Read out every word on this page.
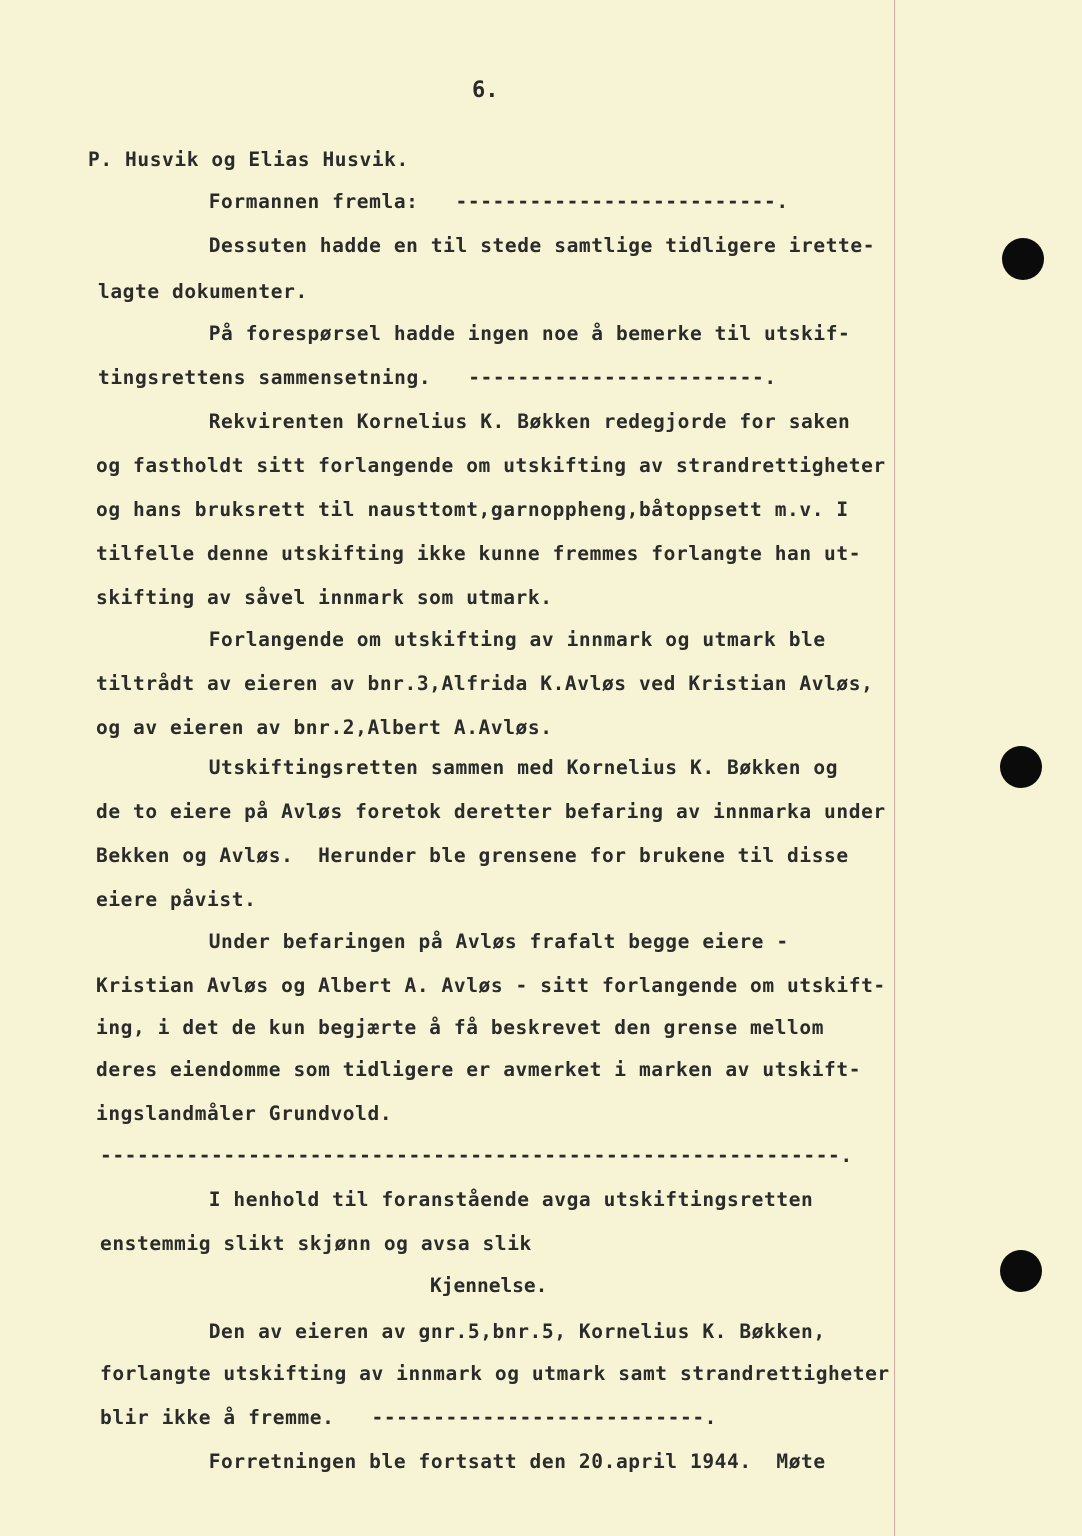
6.
P. Husvik og Elias Husvik.
Formannen fremla:   --------------------------.
Dessuten hadde en til stede samtlige tidligere irette-
lagte dokumenter.
På forespørsel hadde ingen noe å bemerke til utskif-
tingsrettens sammensetning.   ------------------------.
Rekvirenten Kornelius K. Bøkken redegjorde for saken
og fastholdt sitt forlangende om utskifting av strandrettigheter
og hans bruksrett til nausttomt,garnoppheng,båtoppsett m.v. I
tilfelle denne utskifting ikke kunne fremmes forlangte han ut-
skifting av såvel innmark som utmark.
Forlangende om utskifting av innmark og utmark ble
tiltrådt av eieren av bnr.3,Alfrida K.Avløs ved Kristian Avløs,
og av eieren av bnr.2,Albert A.Avløs.
Utskiftingsretten sammen med Kornelius K. Bøkken og
de to eiere på Avløs foretok deretter befaring av innmarka under
Bekken og Avløs.  Herunder ble grensene for brukene til disse
eiere påvist.
Under befaringen på Avløs frafalt begge eiere -
Kristian Avløs og Albert A. Avløs - sitt forlangende om utskift-
ing, i det de kun begjærte å få beskrevet den grense mellom
deres eiendomme som tidligere er avmerket i marken av utskift-
ingslandmåler Grundvold.
------------------------------------------------------------.
I henhold til foranstående avga utskiftingsretten
enstemmig slikt skjønn og avsa slik
Kjennelse.
Den av eieren av gnr.5,bnr.5, Kornelius K. Bøkken,
forlangte utskifting av innmark og utmark samt strandrettigheter
blir ikke å fremme.   ---------------------------.
Forretningen ble fortsatt den 20.april 1944.  Møte
